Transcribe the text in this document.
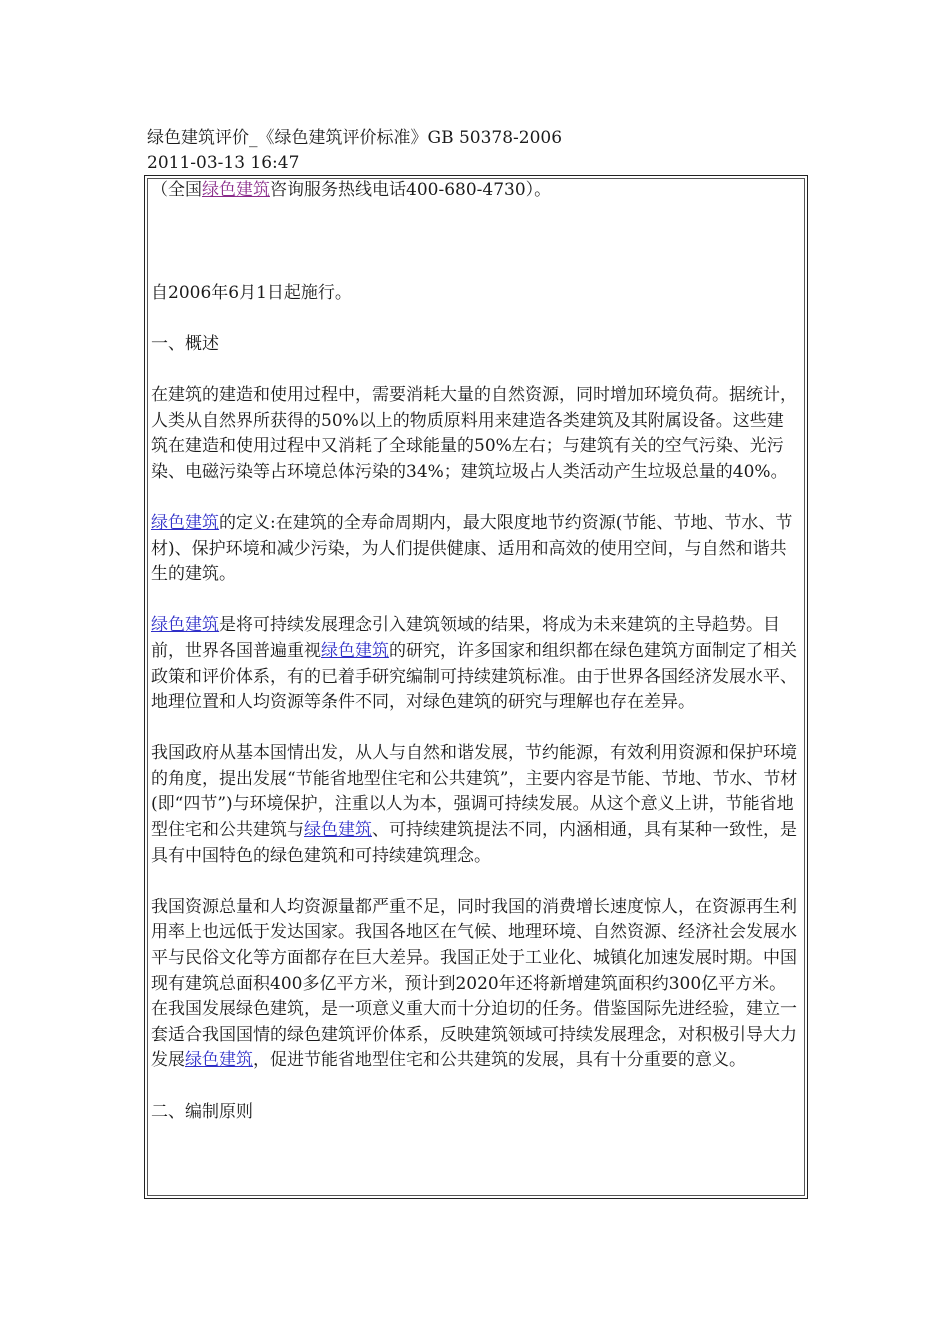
绿色建筑评价_《绿色建筑评价标准》GB 50378-2006
2011-03-13 16:47

（全国绿色建筑咨询服务热线电话400-680-4730）。

自2006年6月1日起施行。

一、概述

在建筑的建造和使用过程中，需要消耗大量的自然资源，同时增加环境负荷。据统计，人类从自然界所获得的50%以上的物质原料用来建造各类建筑及其附属设备。这些建筑在建造和使用过程中又消耗了全球能量的50%左右；与建筑有关的空气污染、光污染、电磁污染等占环境总体污染的34%；建筑垃圾占人类活动产生垃圾总量的40%。

绿色建筑的定义:在建筑的全寿命周期内，最大限度地节约资源(节能、节地、节水、节材)、保护环境和减少污染，为人们提供健康、适用和高效的使用空间，与自然和谐共生的建筑。

绿色建筑是将可持续发展理念引入建筑领域的结果，将成为未来建筑的主导趋势。目前，世界各国普遍重视绿色建筑的研究，许多国家和组织都在绿色建筑方面制定了相关政策和评价体系，有的已着手研究编制可持续建筑标准。由于世界各国经济发展水平、地理位置和人均资源等条件不同，对绿色建筑的研究与理解也存在差异。

我国政府从基本国情出发，从人与自然和谐发展，节约能源，有效利用资源和保护环境的角度，提出发展“节能省地型住宅和公共建筑”，主要内容是节能、节地、节水、节材(即“四节”)与环境保护，注重以人为本，强调可持续发展。从这个意义上讲，节能省地型住宅和公共建筑与绿色建筑、可持续建筑提法不同，内涵相通，具有某种一致性，是具有中国特色的绿色建筑和可持续建筑理念。

我国资源总量和人均资源量都严重不足，同时我国的消费增长速度惊人，在资源再生利用率上也远低于发达国家。我国各地区在气候、地理环境、自然资源、经济社会发展水平与民俗文化等方面都存在巨大差异。我国正处于工业化、城镇化加速发展时期。中国现有建筑总面积400多亿平方米，预计到2020年还将新增建筑面积约300亿平方米。在我国发展绿色建筑，是一项意义重大而十分迫切的任务。借鉴国际先进经验，建立一套适合我国国情的绿色建筑评价体系，反映建筑领域可持续发展理念，对积极引导大力发展绿色建筑，促进节能省地型住宅和公共建筑的发展，具有十分重要的意义。

二、编制原则
